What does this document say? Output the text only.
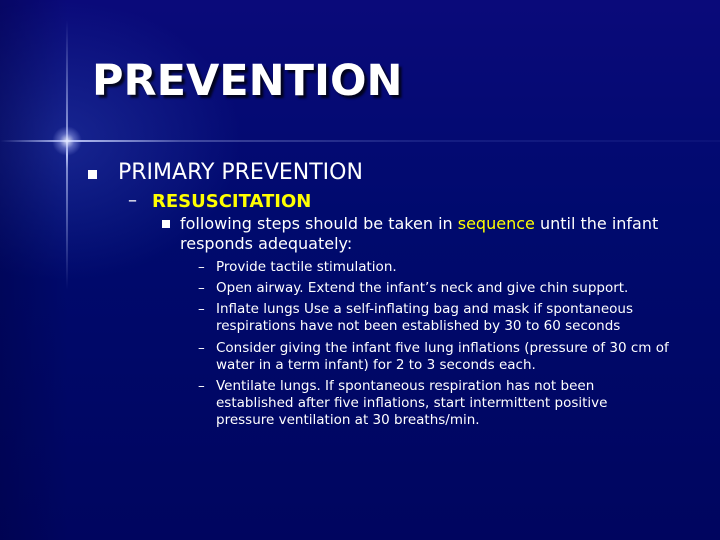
PREVENTION
PRIMARY PREVENTION
– RESUSCITATION
following steps should be taken in sequence until the infant responds adequately:
– Provide tactile stimulation.
– Open airway. Extend the infant’s neck and give chin support.
– Inflate lungs Use a self-inflating bag and mask if spontaneous respirations have not been established by 30 to 60 seconds
– Consider giving the infant five lung inflations (pressure of 30 cm of water in a term infant) for 2 to 3 seconds each.
– Ventilate lungs. If spontaneous respiration has not been established after five inflations, start intermittent positive pressure ventilation at 30 breaths/min.
